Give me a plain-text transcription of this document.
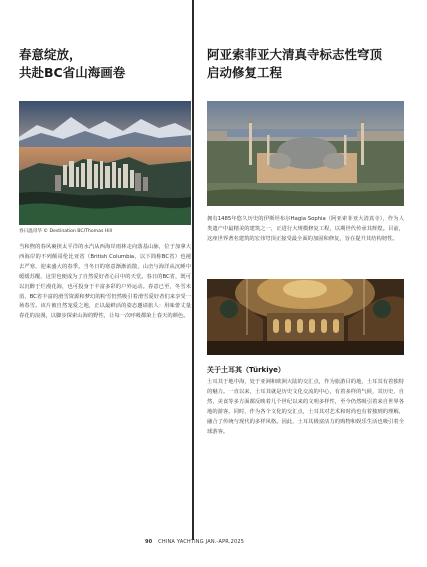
春意绽放，
共赴BC省山海画卷
春日温哥华 © Destination BC/Thomas Hill

当和煦的春风裹挟太平洋的水汽从西海岸雨林走向落基山脉，位于加拿大西海岸的不列颠哥伦比亚省（British Columbia，以下简称BC省）也褪去严寒，迎来盛大的春季。当冬日的寒意渐渐消散，山峦与海洋从沉睡中缓缓苏醒，这里也便成为了自然爱好者心目中的天堂。春日的BC省，既可以沉醉于烂漫花海，也可投身于丰富多彩的户外运动。春意已至，冬雪未消，BC省丰富的滑雪资源和梦幻的粉雪仍然吸引着滑雪爱好者们来享受一场春雪。该片被自然宠爱之地，正以最鲜活的姿态邀请旅人：用味蕾丈量春花的浪漫，以脚步探索山海的野性，让每一次呼吸都染上春天的颜色。

阿亚索菲亚大清真寺标志性穹顶
启动修复工程

拥有1485年悠久历史的伊斯坦布尔Hagia Sophia（阿亚索菲亚大清真寺），作为人类遗产中最精美的建筑之一，正进行大规模修复工程，以期世代传承其辉煌。目前，这座世界著名建筑的宏伟穹顶正接受最全面的加固和修复，旨在提升其结构韧性。

关于土耳其（Türkiye）

土耳其于地中海，处于亚洲和欧洲大陆的交汇点，作为旅游目的地，土耳其有着独特的魅力。一直以来，土耳其就是历史文化交流的中心，有着多样的气候，其历史、自然、美食等多方面都反映着几个世纪以来的文明多样性，至今仍然吸引着来自世界各地的游客。同时，作为各个文化的交汇点，土耳其对艺术和时尚也有着独到的理解，融合了传统与现代的多样风格。因此，土耳其极富活力的购物和娱乐生活也吸引着全球游客。

90 CHINA YACHTING JAN.-APR.2025
